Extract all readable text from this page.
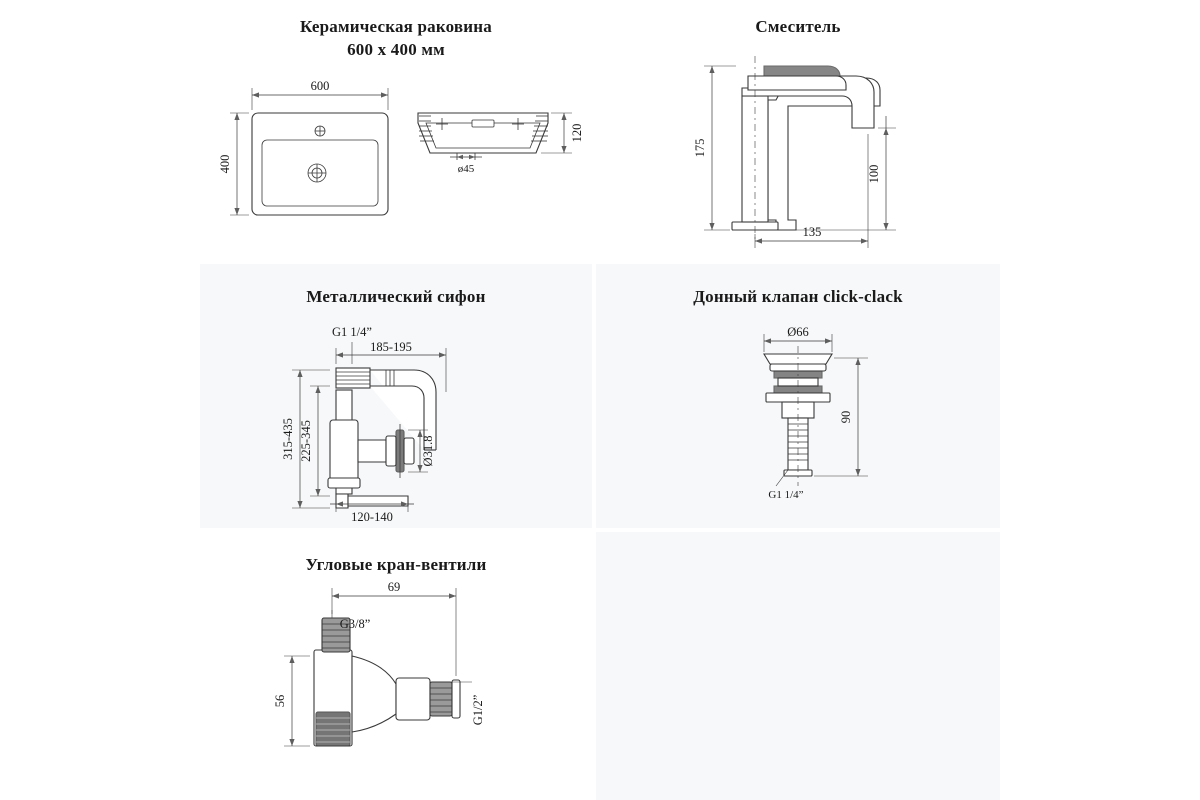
Керамическая раковина
600 x 400 мм
600
400	ø45
120
Смеситель
175
100
135
Металлический сифон
G1 1/4”
185-195
315-435 225-345	Ø31.8
120-140
Донный клапан click-clack
Ø66
90
G1 1/4”
Угловые кран-вентили
69
G3/8”
G1/2”
56
